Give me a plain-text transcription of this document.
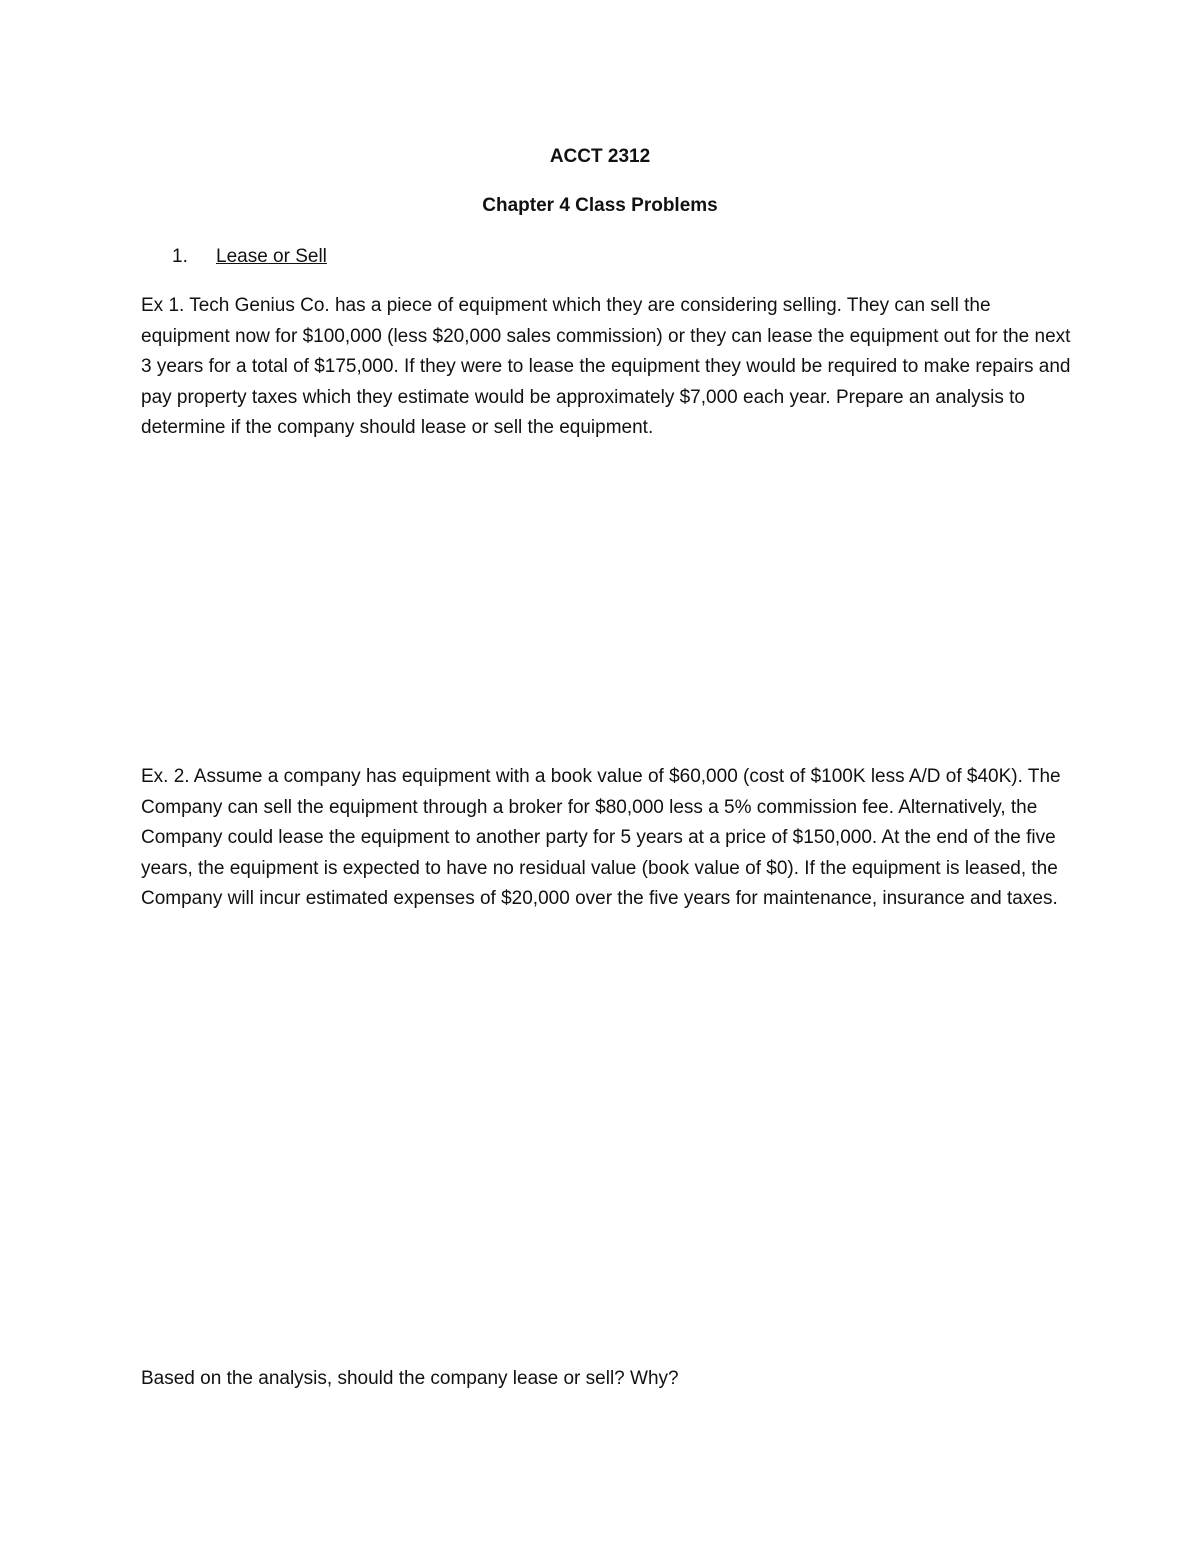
ACCT 2312
Chapter 4 Class Problems
1. Lease or Sell

Ex 1. Tech Genius Co. has a piece of equipment which they are considering selling. They can sell the equipment now for $100,000 (less $20,000 sales commission) or they can lease the equipment out for the next 3 years for a total of $175,000. If they were to lease the equipment they would be required to make repairs and pay property taxes which they estimate would be approximately $7,000 each year. Prepare an analysis to determine if the company should lease or sell the equipment.

Ex. 2. Assume a company has equipment with a book value of $60,000 (cost of $100K less A/D of $40K). The Company can sell the equipment through a broker for $80,000 less a 5% commission fee. Alternatively, the Company could lease the equipment to another party for 5 years at a price of $150,000. At the end of the five years, the equipment is expected to have no residual value (book value of $0). If the equipment is leased, the Company will incur estimated expenses of $20,000 over the five years for maintenance, insurance and taxes.

Based on the analysis, should the company lease or sell? Why?
